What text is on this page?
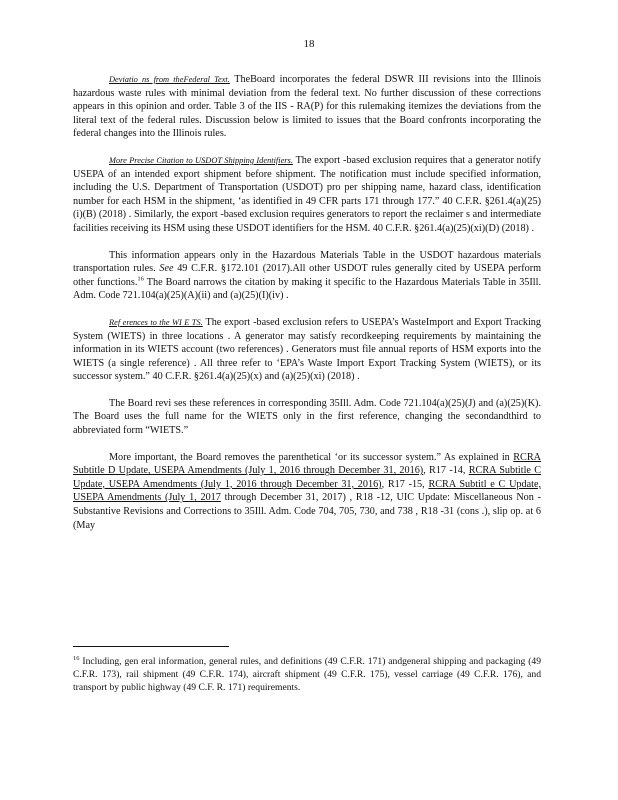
18

Deviatio ns from theFederal Text. TheBoard incorporates the federal DSWR III revisions into the Illinois hazardous waste rules with minimal deviation from the federal text. No further discussion of these corrections appears in this opinion and order. Table 3 of the IIS - RA(P) for this rulemaking itemizes the deviations from the literal text of the federal rules. Discussion below is limited to issues that the Board confronts incorporating the federal changes into the Illinois rules.

More Precise Citation to USDOT Shipping Identifiers. The export -based exclusion requires that a generator notify USEPA of an intended export shipment before shipment. The notification must include specified information, including the U.S. Department of Transportation (USDOT) pro per shipping name, hazard class, identification number for each HSM in the shipment, ‘as identified in 49 CFR parts 171 through 177.” 40 C.F.R. §261.4(a)(25)(i)(B) (2018) . Similarly, the export -based exclusion requires generators to report the reclaimer s and intermediate facilities receiving its HSM using these USDOT identifiers for the HSM. 40 C.F.R. §261.4(a)(25)(xi)(D) (2018) .

This information appears only in the Hazardous Materials Table in the USDOT hazardous materials transportation rules. See 49 C.F.R. §172.101 (2017).All other USDOT rules generally cited by USEPA perform other functions.$^{16}$ The Board narrows the citation by making it specific to the Hazardous Materials Table in 35Ill. Adm. Code 721.104(a)(25)(A)(ii) and (a)(25)(I)(iv) .

Ref erences to the WI E TS. The export -based exclusion refers to USEPA’s WasteImport and Export Tracking System (WIETS) in three locations . A generator may satisfy recordkeeping requirements by maintaining the information in its WIETS account (two references) . Generators must file annual reports of HSM exports into the WIETS (a single reference) . All three refer to ‘EPA’s Waste Import Export Tracking System (WIETS), or its successor system.” 40 C.F.R. §261.4(a)(25)(x) and (a)(25)(xi) (2018) .

The Board revi ses these references in corresponding 35Ill. Adm. Code 721.104(a)(25)(J) and (a)(25)(K). The Board uses the full name for the WIETS only in the first reference, changing the secondandthird to abbreviated form “WIETS.”

More important, the Board removes the parenthetical ‘or its successor system.” As explained in RCRA Subtitle D Update, USEPA Amendments (July 1, 2016 through December 31, 2016), R17 -14, RCRA Subtitle C Update, USEPA Amendments (July 1, 2016 through December 31, 2016), R17 -15, RCRA Subtitl e C Update, USEPA Amendments (July 1, 2017 through December 31, 2017) , R18 -12, UIC Update: Miscellaneous Non -Substantive Revisions and Corrections to 35Ill. Adm. Code 704, 705, 730, and 738 , R18 -31 (cons .), slip op. at 6 (May

$^{16}$ Including, gen eral information, general rules, and definitions (49 C.F.R. 171) andgeneral shipping and packaging (49 C.F.R. 173), rail shipment (49 C.F.R. 174), aircraft shipment (49 C.F.R. 175), vessel carriage (49 C.F.R. 176), and transport by public highway (49 C.F. R. 171) requirements.
